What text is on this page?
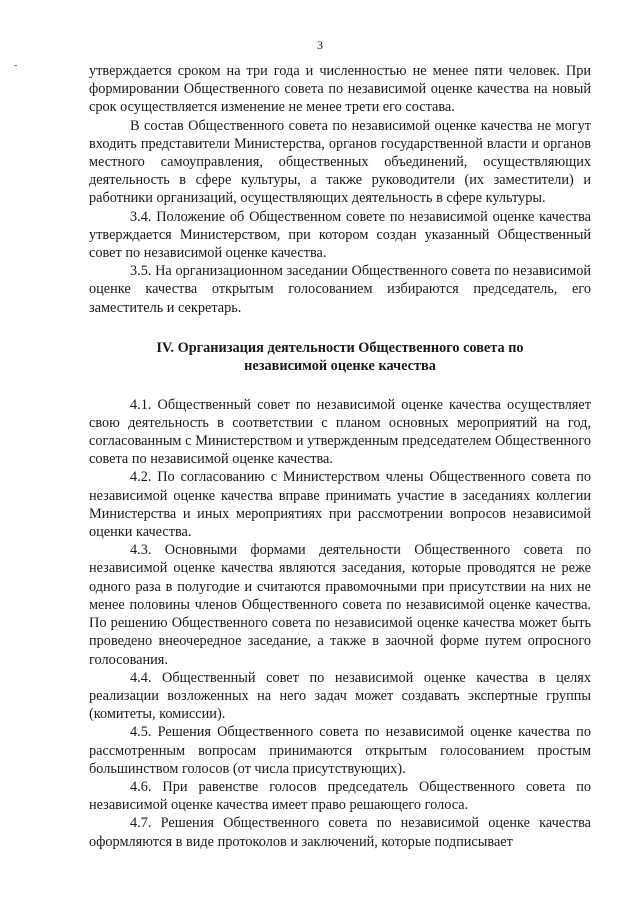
3
-	утверждается сроком на три года и численностью не менее пяти человек. При формировании Общественного совета по независимой оценке качества на новый срок осуществляется изменение не менее трети его состава.

В состав Общественного совета по независимой оценке качества не могут входить представители Министерства, органов государственной власти и органов местного самоуправления, общественных объединений, осуществляющих деятельность в сфере культуры, а также руководители (их заместители) и работники организаций, осуществляющих деятельность в сфере культуры.

3.4. Положение об Общественном совете по независимой оценке качества утверждается Министерством, при котором создан указанный Общественный совет по независимой оценке качества.

3.5. На организационном заседании Общественного совета по независимой оценке качества открытым голосованием избираются председатель, его заместитель и секретарь.

IV. Организация деятельности Общественного совета по
независимой оценке качества

4.1. Общественный совет по независимой оценке качества осуществляет свою деятельность в соответствии с планом основных мероприятий на год, согласованным с Министерством и утвержденным председателем Общественного совета по независимой оценке качества.

4.2. По согласованию с Министерством члены Общественного совета по независимой оценке качества вправе принимать участие в заседаниях коллегии Министерства и иных мероприятиях при рассмотрении вопросов независимой оценки качества.

4.3. Основными формами деятельности Общественного совета по независимой оценке качества являются заседания, которые проводятся не реже одного раза в полугодие и считаются правомочными при присутствии на них не менее половины членов Общественного совета по независимой оценке качества. По решению Общественного совета по независимой оценке качества может быть проведено внеочередное заседание, а также в заочной форме путем опросного голосования.

4.4. Общественный совет по независимой оценке качества в целях реализации возложенных на него задач может создавать экспертные группы (комитеты, комиссии).

4.5. Решения Общественного совета по независимой оценке качества по рассмотренным вопросам принимаются открытым голосованием простым большинством голосов (от числа присутствующих).

4.6. При равенстве голосов председатель Общественного совета по независимой оценке качества имеет право решающего голоса.

4.7. Решения Общественного совета по независимой оценке качества оформляются в виде протоколов и заключений, которые подписывает
